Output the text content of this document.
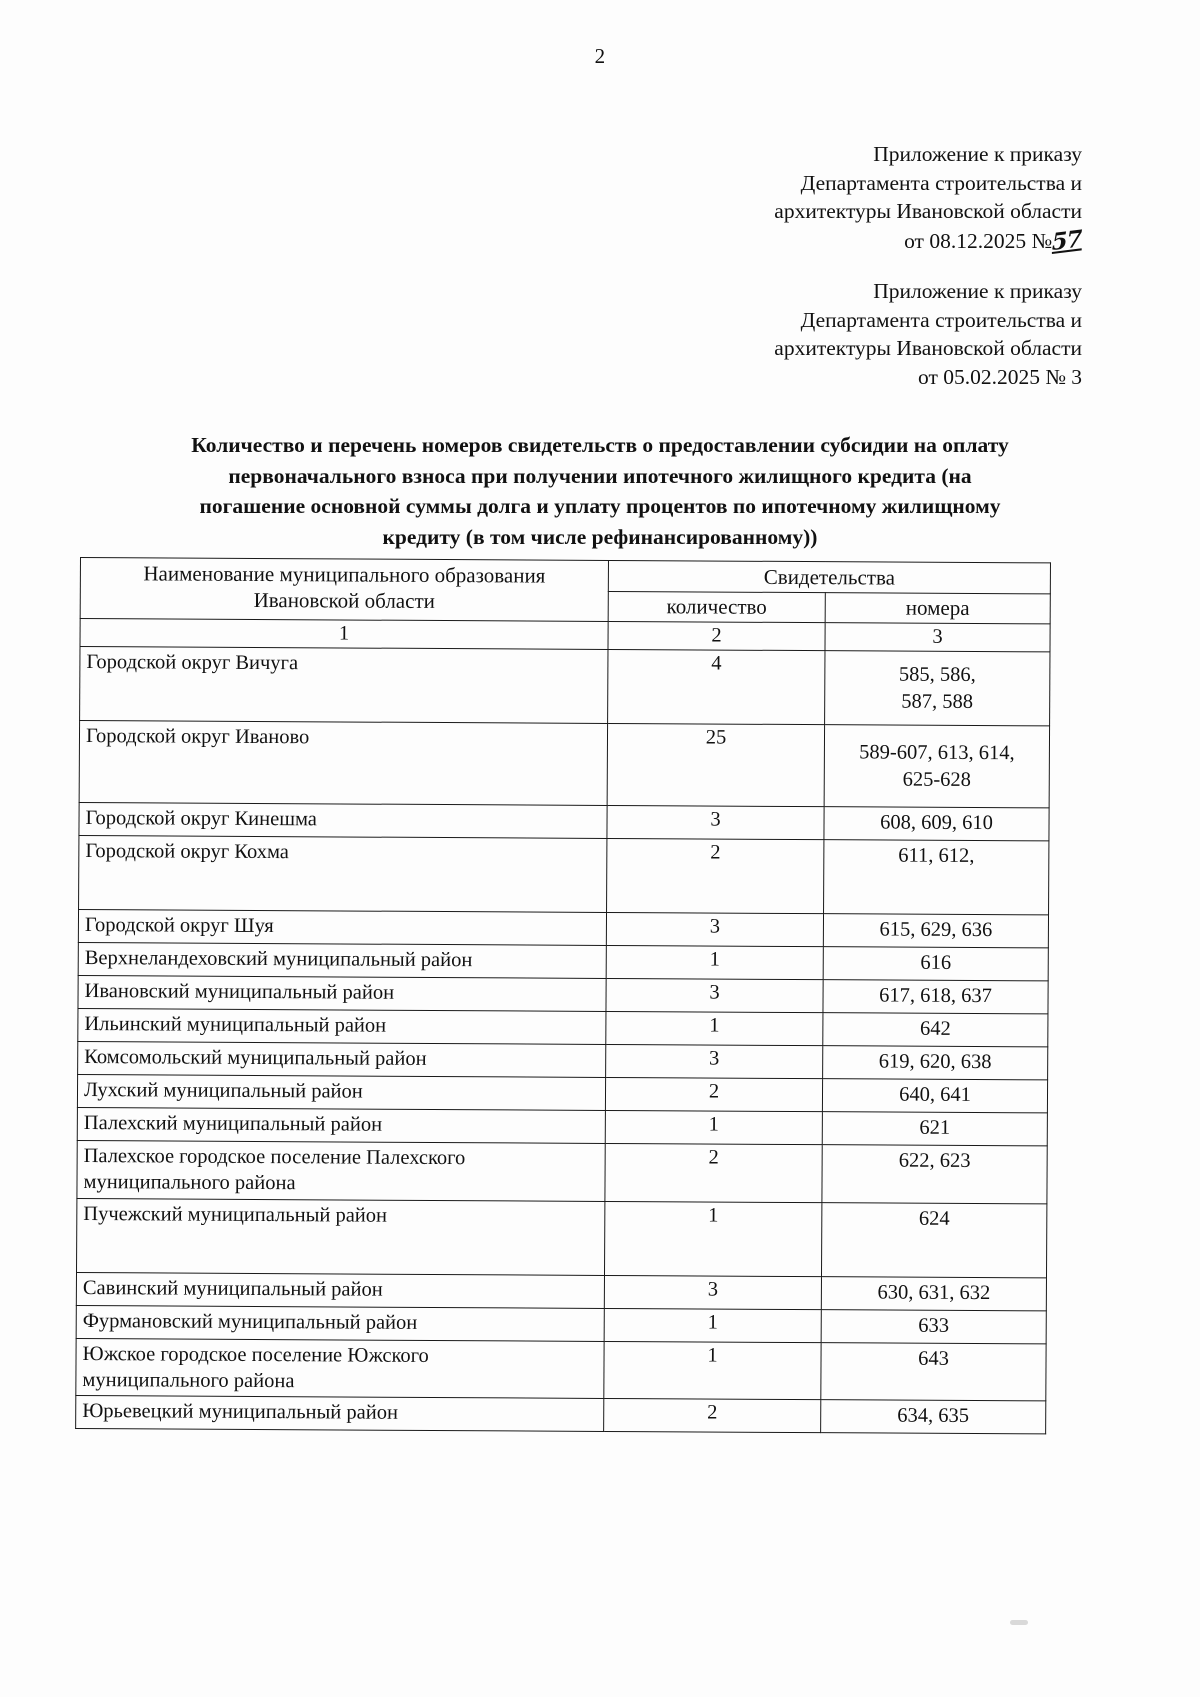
2
Приложение к приказу
Департамента строительства и
архитектуры Ивановской области
от 08.12.2025 №57
Приложение к приказу
Департамента строительства и
архитектуры Ивановской области
от 05.02.2025 № 3
Количество и перечень номеров свидетельств о предоставлении субсидии на оплату
первоначального взноса при получении ипотечного жилищного кредита (на
погашение основной суммы долга и уплату процентов по ипотечному жилищному
кредиту (в том числе рефинансированному))
Наименование муниципального образования
Ивановской области	Свидетельства	
	количество	номера
1	2	3
Городской округ Вичуга	4	585, 586,
587, 588
Городской округ Иваново	25	589-607, 613, 614,
625-628
Городской округ Кинешма	3	608, 609, 610
Городской округ Кохма	2	611, 612,
Городской округ Шуя	3	615, 629, 636
Верхнеландеховский муниципальный район	1	616
Ивановский муниципальный район	3	617, 618, 637
Ильинский муниципальный район	1	642
Комсомольский муниципальный район	3	619, 620, 638
Лухский муниципальный район	2	640, 641
Палехский муниципальный район	1	621
Палехское городское поселение Палехского
муниципального района	2	622, 623
Пучежский муниципальный район	1	624
Савинский муниципальный район	3	630, 631, 632
Фурмановский муниципальный район	1	633
Южское городское поселение Южского
муниципального района	1	643
Юрьевецкий муниципальный район	2	634, 635
